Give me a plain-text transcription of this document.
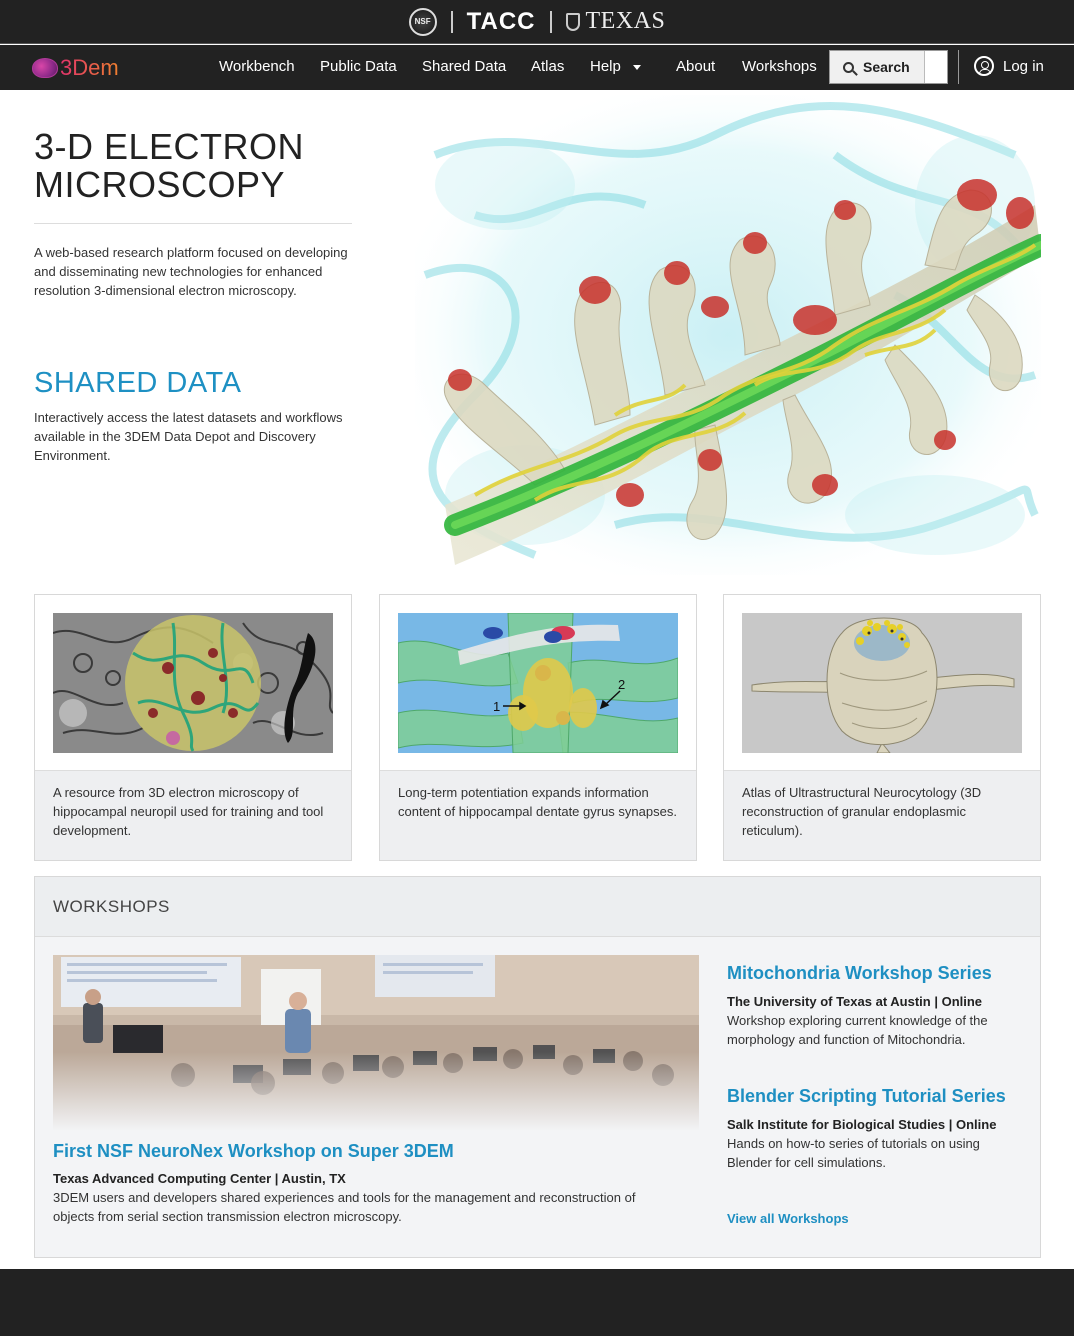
NSF TACC TEXAS
3Dem	Workbench Public Data Shared Data Atlas Help	About Workshops	Search	Log in
3-D ELECTRON
MICROSCOPY
A web-based research platform focused on developing and disseminating new technologies for enhanced resolution 3-dimensional electron microscopy.
SHARED DATA
Interactively access the latest datasets and workflows available in the 3DEM Data Depot and Discovery Environment.
A resource from 3D electron microscopy of hippocampal neuropil used for training and tool development.
1
2
Long-term potentiation expands information content of hippocampal dentate gyrus synapses.
Atlas of Ultrastructural Neurocytology (3D reconstruction of granular endoplasmic reticulum).
WORKSHOPS
First NSF NeuroNex Workshop on Super 3DEM
Texas Advanced Computing Center | Austin, TX
3DEM users and developers shared experiences and tools for the management and reconstruction of objects from serial section transmission electron microscopy.
Mitochondria Workshop Series
The University of Texas at Austin | Online
Workshop exploring current knowledge of the morphology and function of Mitochondria.
Blender Scripting Tutorial Series
Salk Institute for Biological Studies | Online
Hands on how-to series of tutorials on using Blender for cell simulations.
View all Workshops
